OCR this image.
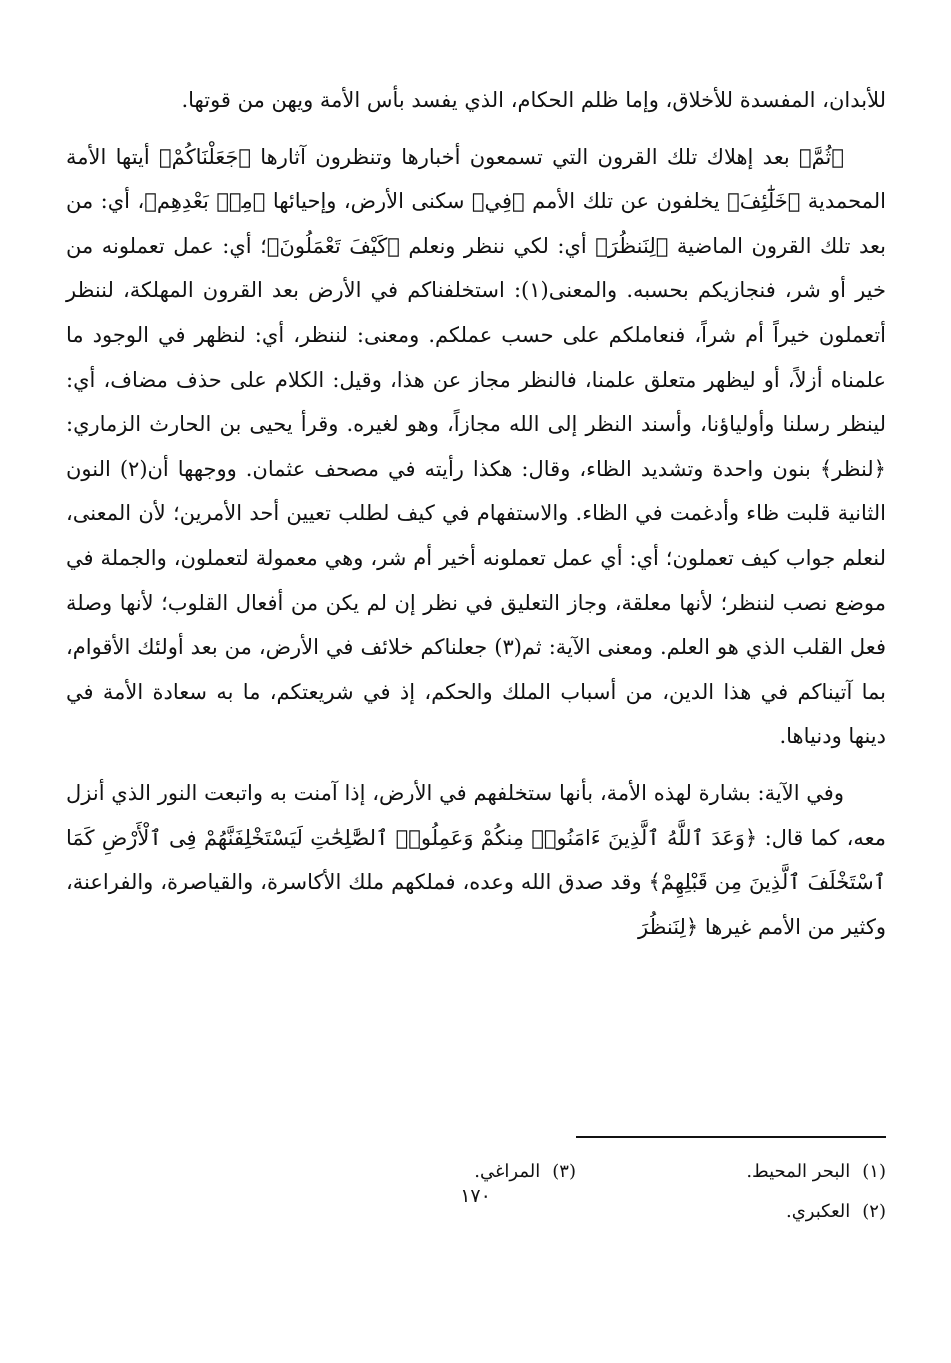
للأبدان، المفسدة للأخلاق، وإما ظلم الحكام، الذي يفسد بأس الأمة ويهن من قوتها.

﴿ثُمَّ﴾ بعد إهلاك تلك القرون التي تسمعون أخبارها وتنظرون آثارها ﴿جَعَلْنَاكُمْ﴾ أيتها الأمة المحمدية ﴿خَلَٰٓئِفَ﴾ يخلفون عن تلك الأمم ﴿فِي﴾ سكنى الأرض، وإحيائها ﴿مِنۢ بَعْدِهِم﴾، أي: من بعد تلك القرون الماضية ﴿لِنَنظُرَ﴾ أي: لكي ننظر ونعلم ﴿كَيْفَ تَعْمَلُونَ﴾؛ أي: عمل تعملونه من خير أو شر، فنجازيكم بحسبه. والمعنى(١): استخلفناكم في الأرض بعد القرون المهلكة، لننظر أتعملون خيراً أم شراً، فنعاملكم على حسب عملكم. ومعنى: لننظر، أي: لنظهر في الوجود ما علمناه أزلاً، أو ليظهر متعلق علمنا، فالنظر مجاز عن هذا، وقيل: الكلام على حذف مضاف، أي: لينظر رسلنا وأولياؤنا، وأسند النظر إلى الله مجازاً، وهو لغيره. وقرأ يحيى بن الحارث الزماري: ﴿لنظر﴾ بنون واحدة وتشديد الظاء، وقال: هكذا رأيته في مصحف عثمان. ووجهها أن(٢) النون الثانية قلبت ظاء وأدغمت في الظاء. والاستفهام في كيف لطلب تعيين أحد الأمرين؛ لأن المعنى، لنعلم جواب كيف تعملون؛ أي: أي عمل تعملونه أخير أم شر، وهي معمولة لتعملون، والجملة في موضع نصب لننظر؛ لأنها معلقة، وجاز التعليق في نظر إن لم يكن من أفعال القلوب؛ لأنها وصلة فعل القلب الذي هو العلم. ومعنى الآية: ثم(٣) جعلناكم خلائف في الأرض، من بعد أولئك الأقوام، بما آتيناكم في هذا الدين، من أسباب الملك والحكم، إذ في شريعتكم، ما به سعادة الأمة في دينها ودنياها.

وفي الآية: بشارة لهذه الأمة، بأنها ستخلفهم في الأرض، إذا آمنت به واتبعت النور الذي أنزل معه، كما قال: ﴿وَعَدَ ٱللَّهُ ٱلَّذِينَ ءَامَنُوا۟ مِنكُمْ وَعَمِلُوا۟ ٱلصَّٰلِحَٰتِ لَيَسْتَخْلِفَنَّهُمْ فِى ٱلْأَرْضِ كَمَا ٱسْتَخْلَفَ ٱلَّذِينَ مِن قَبْلِهِمْ﴾ وقد صدق الله وعده، فملكهم ملك الأكاسرة، والقياصرة، والفراعنة، وكثير من الأمم غيرها ﴿لِنَنظُرَ

(١)البحر المحيط.
(٣)المراغي.
(٢)العكبري.
١٧٠
